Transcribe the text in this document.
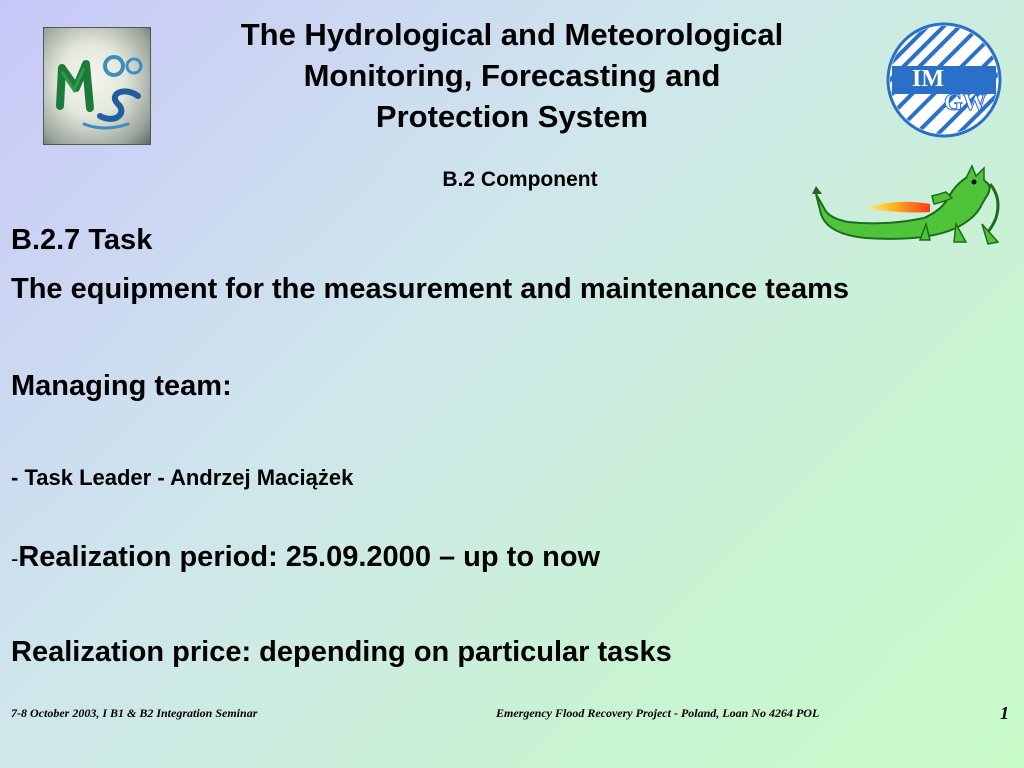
The Hydrological and Meteorological
Monitoring, Forecasting and
Protection System
B.2 Component
IM
GW
B.2.7 Task
The equipment for the measurement and maintenance teams
Managing team:
- Task Leader - Andrzej Maciążek
-Realization period: 25.09.2000 – up to now
Realization price: depending on particular tasks
7-8 October 2003, I B1 & B2 Integration Seminar	Emergency Flood Recovery Project - Poland, Loan No 4264 POL	1
